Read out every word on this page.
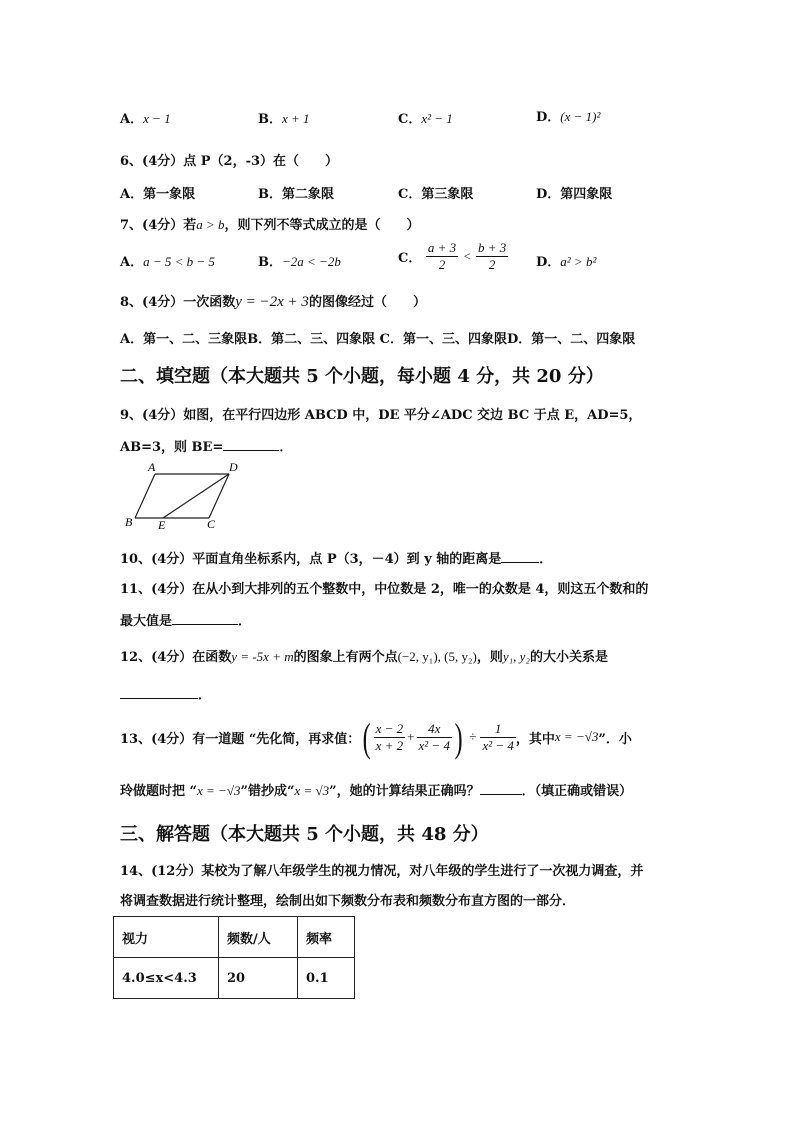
A．x − 1	B．x + 1	C．x² − 1	D．(x − 1)²
6、(4分）点 P（2，-3）在（　　）
A．第一象限	B．第二象限	C．第三象限	D．第四象限
7、(4分）若a > b，则下列不等式成立的是（　　）
A．a − 5 < b − 5	B．−2a < −2b	C． $\frac{a + 3}{2} < \frac{b + 3}{2}$ D．a² > b²
8、(4分）一次函数y = −2x + 3的图像经过（　　）
A．第一、二、三象限B．第二、三、四象限 C．第一、三、四象限D．第一、二、四象限
二、填空题（本大题共 5 个小题，每小题 4 分，共 20 分）
9、(4分）如图，在平行四边形 ABCD 中，DE 平分∠ADC 交边 BC 于点 E，AD=5，
AB=3，则 BE=	．
A	D
B E	C
10、(4分）平面直角坐标系内，点 P（3，－4）到 y 轴的距离是	．
11、(4分）在从小到大排列的五个整数中，中位数是 2，唯一的众数是 4，则这五个数和的
最大值是	．
12、(4分）在函数y = -5x + m的图象上有两个点(−2, y₁), (5, y₂)，则y₁, y₂的大小关系是
．
13、(4分）有一道题 “先化简，再求值： ( $\frac{x - 2}{x + 2} + \frac{4x}{\text{x² − 4}}$ ) ÷ $\frac{1}{\text{x² − 4}}$ ，其中 x = −√3 ”．小
玲做题时把 “x = −√3”错抄成“x = √3”，她的计算结果正确吗？	．（填正确或错误）
三、解答题（本大题共 5 个小题，共 48 分）
14、(12分）某校为了解八年级学生的视力情况，对八年级的学生进行了一次视力调查，并
将调查数据进行统计整理，绘制出如下频数分布表和频数分布直方图的一部分．
视力	频数/人	频率
4.0≤x<4.3	20	0.1
